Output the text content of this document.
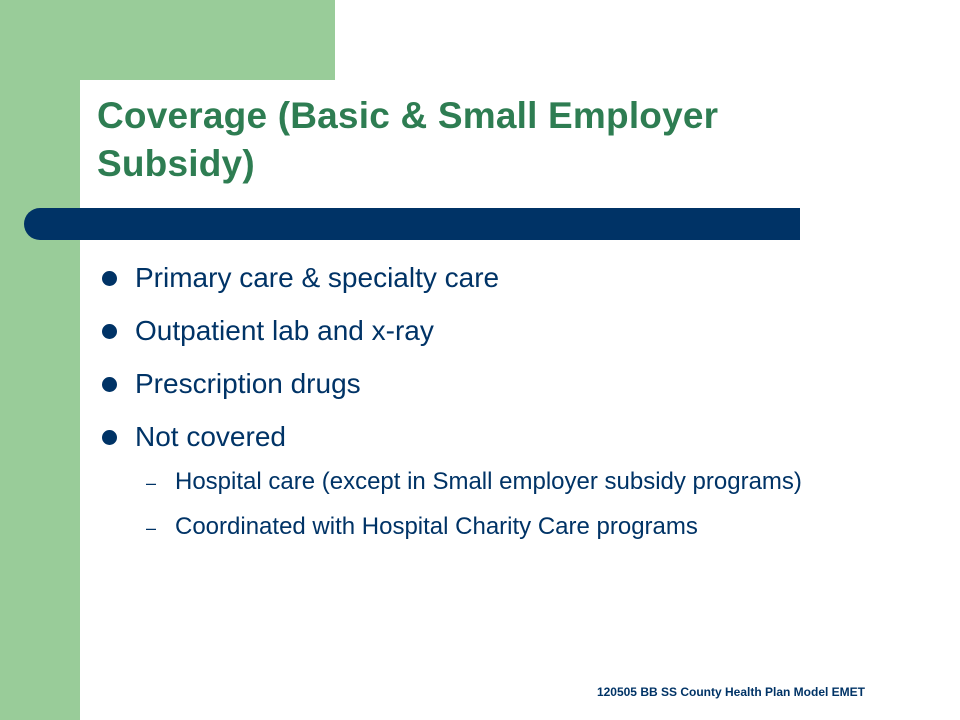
Coverage (Basic & Small Employer Subsidy)
Primary care & specialty care
Outpatient lab and x-ray
Prescription drugs
Not covered
– Hospital care (except in Small employer subsidy programs)
– Coordinated with Hospital Charity Care programs
120505 BB SS County Health Plan Model EMET
